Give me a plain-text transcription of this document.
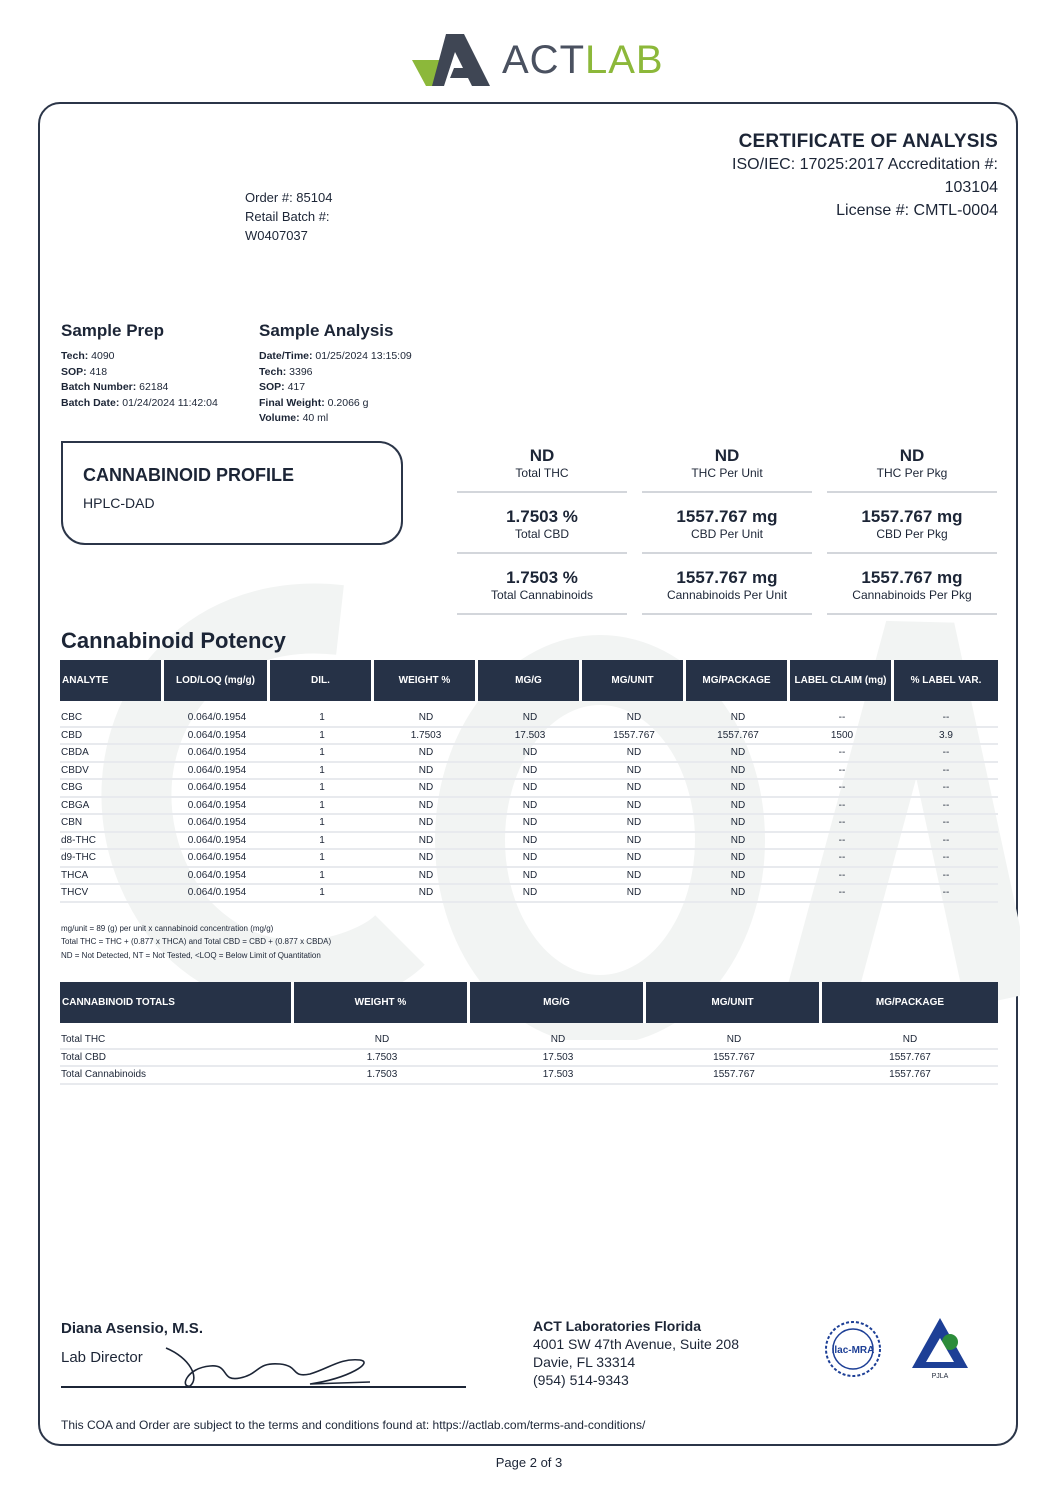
ACTLAB
CERTIFICATE OF ANALYSIS
ISO/IEC: 17025:2017 Accreditation #:
103104
License #: CMTL-0004
Order #: 85104
Retail Batch #:
W0407037
Sample Prep
Tech: 4090
SOP: 418
Batch Number: 62184
Batch Date: 01/24/2024 11:42:04
Sample Analysis
Date/Time: 01/25/2024 13:15:09
Tech: 3396
SOP: 417
Final Weight: 0.2066 g
Volume: 40 ml
CANNABINOID PROFILE
HPLC-DAD
ND
Total THC
ND
THC Per Unit
ND
THC Per Pkg
1.7503 %
Total CBD
1557.767 mg
CBD Per Unit
1557.767 mg
CBD Per Pkg
1.7503 %
Total Cannabinoids
1557.767 mg
Cannabinoids Per Unit
1557.767 mg
Cannabinoids Per Pkg
Cannabinoid Potency
ANALYTE	LOD/LOQ (mg/g)	DIL.	WEIGHT %	MG/G	MG/UNIT	MG/PACKAGE	LABEL CLAIM (mg)	% LABEL VAR.

CBC	0.064/0.1954	1	ND	ND	ND	ND	--	--
CBD	0.064/0.1954	1	1.7503	17.503	1557.767	1557.767	1500	3.9
CBDA	0.064/0.1954	1	ND	ND	ND	ND	--	--
CBDV	0.064/0.1954	1	ND	ND	ND	ND	--	--
CBG	0.064/0.1954	1	ND	ND	ND	ND	--	--
CBGA	0.064/0.1954	1	ND	ND	ND	ND	--	--
CBN	0.064/0.1954	1	ND	ND	ND	ND	--	--
d8-THC	0.064/0.1954	1	ND	ND	ND	ND	--	--
d9-THC	0.064/0.1954	1	ND	ND	ND	ND	--	--
THCA	0.064/0.1954	1	ND	ND	ND	ND	--	--
THCV	0.064/0.1954	1	ND	ND	ND	ND	--	--
mg/unit = 89 (g) per unit x cannabinoid concentration (mg/g)
Total THC = THC + (0.877 x THCA) and Total CBD = CBD + (0.877 x CBDA)
ND = Not Detected, NT = Not Tested, <LOQ = Below Limit of Quantitation
CANNABINOID TOTALS	WEIGHT %	MG/G	MG/UNIT	MG/PACKAGE

Total THC	ND	ND	ND	ND
Total CBD	1.7503	17.503	1557.767	1557.767
Total Cannabinoids	1.7503	17.503	1557.767	1557.767
Diana Asensio, M.S.
Lab Director
ACT Laboratories Florida
4001 SW 47th Avenue, Suite 208
Davie, FL 33314
(954) 514-9343
ilac-MRA
PJLA
This COA and Order are subject to the terms and conditions found at: https://actlab.com/terms-and-conditions/
Page 2 of 3
